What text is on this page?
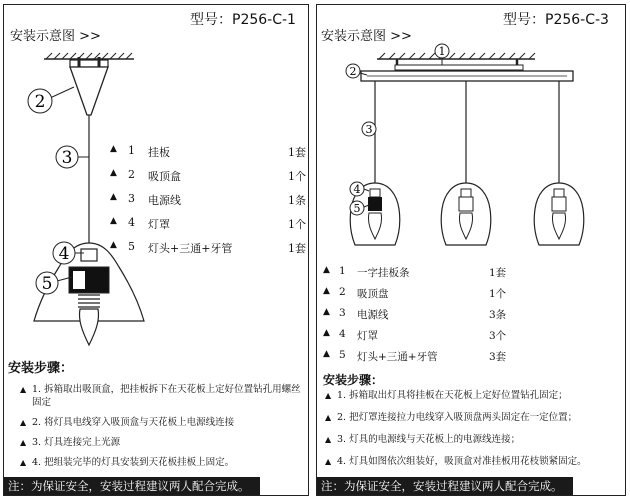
安装示意图 >>
型号：P256-C-1
2
3
4
5
▲ 1 挂板	1套
▲ 2 吸顶盒	1个
▲ 3 电源线	1条
▲ 4 灯罩	1个
▲ 5 灯头+三通+牙管	1套
安装步骤：
▲ 1. 拆箱取出吸顶盒，把挂板拆下在天花板上定好位置钻孔用螺丝固定
▲ 2. 将灯具电线穿入吸顶盒与天花板上电源线连接
▲ 3. 灯具连接完上光源
▲ 4. 把组装完毕的灯具安装到天花板挂板上固定。
注：为保证安全，安装过程建议两人配合完成。
安装示意图 >>
型号：P256-C-3
1
2
3
4
5
▲ 1 一字挂板条	1套
▲ 2 吸顶盘	1个
▲ 3 电源线	3条
▲ 4 灯罩	3个
▲ 5 灯头+三通+牙管	3套
安装步骤：
▲ 1. 拆箱取出灯具将挂板在天花板上定好位置钻孔固定；
▲ 2. 把灯罩连接拉力电线穿入吸顶盘两头固定在一定位置；
▲ 3. 灯具的电源线与天花板上的电源线连接；
▲ 4. 灯具如图依次组装好，吸顶盒对准挂板用花枝锁紧固定。
注：为保证安全，安装过程建议两人配合完成。
